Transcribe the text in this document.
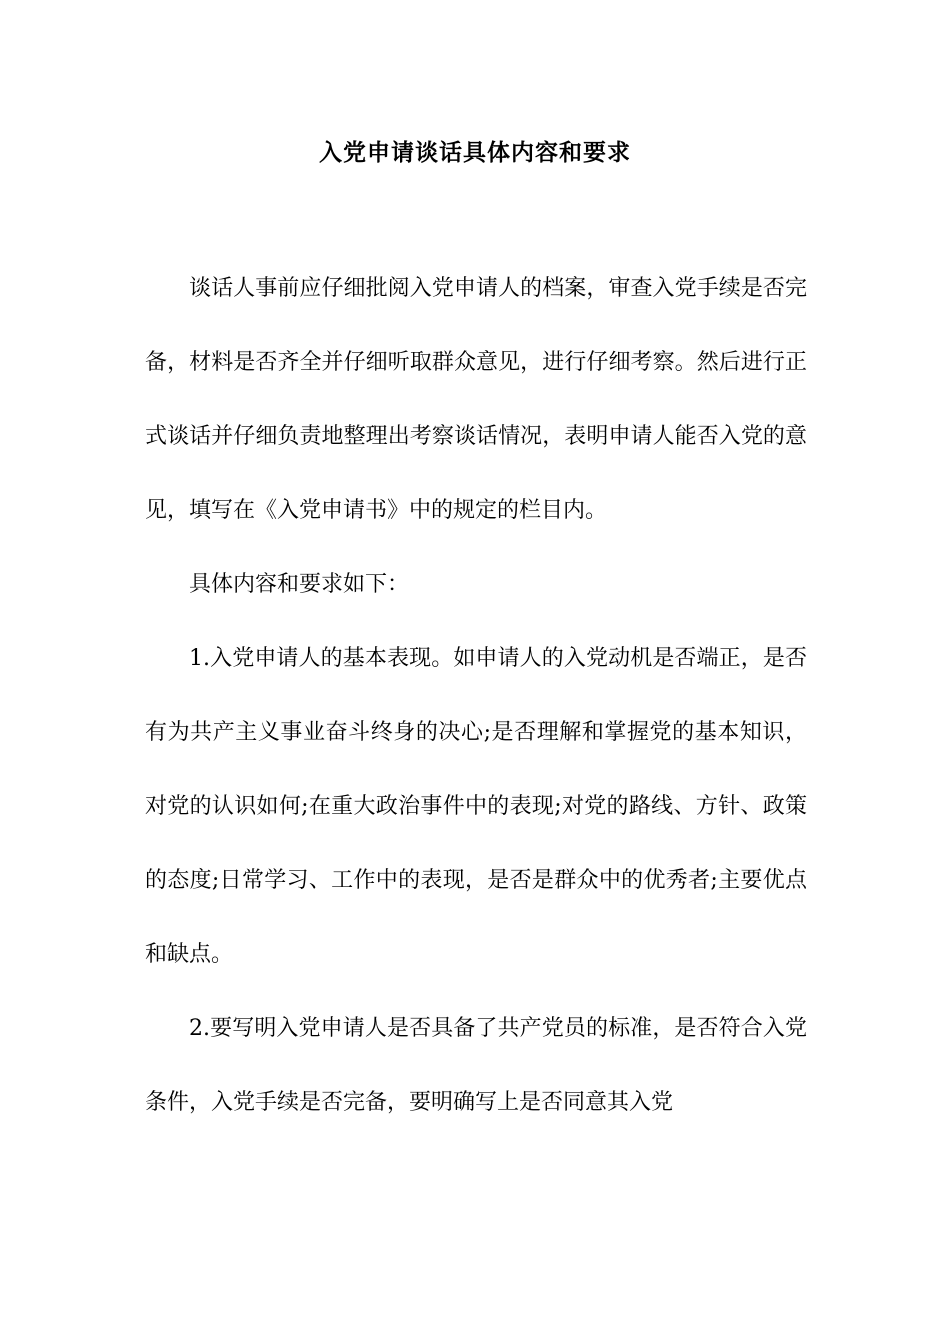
入党申请谈话具体内容和要求

谈话人事前应仔细批阅入党申请人的档案，审查入党手续是否完备，材料是否齐全并仔细听取群众意见，进行仔细考察。然后进行正式谈话并仔细负责地整理出考察谈话情况，表明申请人能否入党的意见，填写在《入党申请书》中的规定的栏目内。

具体内容和要求如下：

1.入党申请人的基本表现。如申请人的入党动机是否端正，是否有为共产主义事业奋斗终身的决心;是否理解和掌握党的基本知识，对党的认识如何;在重大政治事件中的表现;对党的路线、方针、政策的态度;日常学习、工作中的表现，是否是群众中的优秀者;主要优点和缺点。

2.要写明入党申请人是否具备了共产党员的标准，是否符合入党条件，入党手续是否完备，要明确写上是否同意其入党
